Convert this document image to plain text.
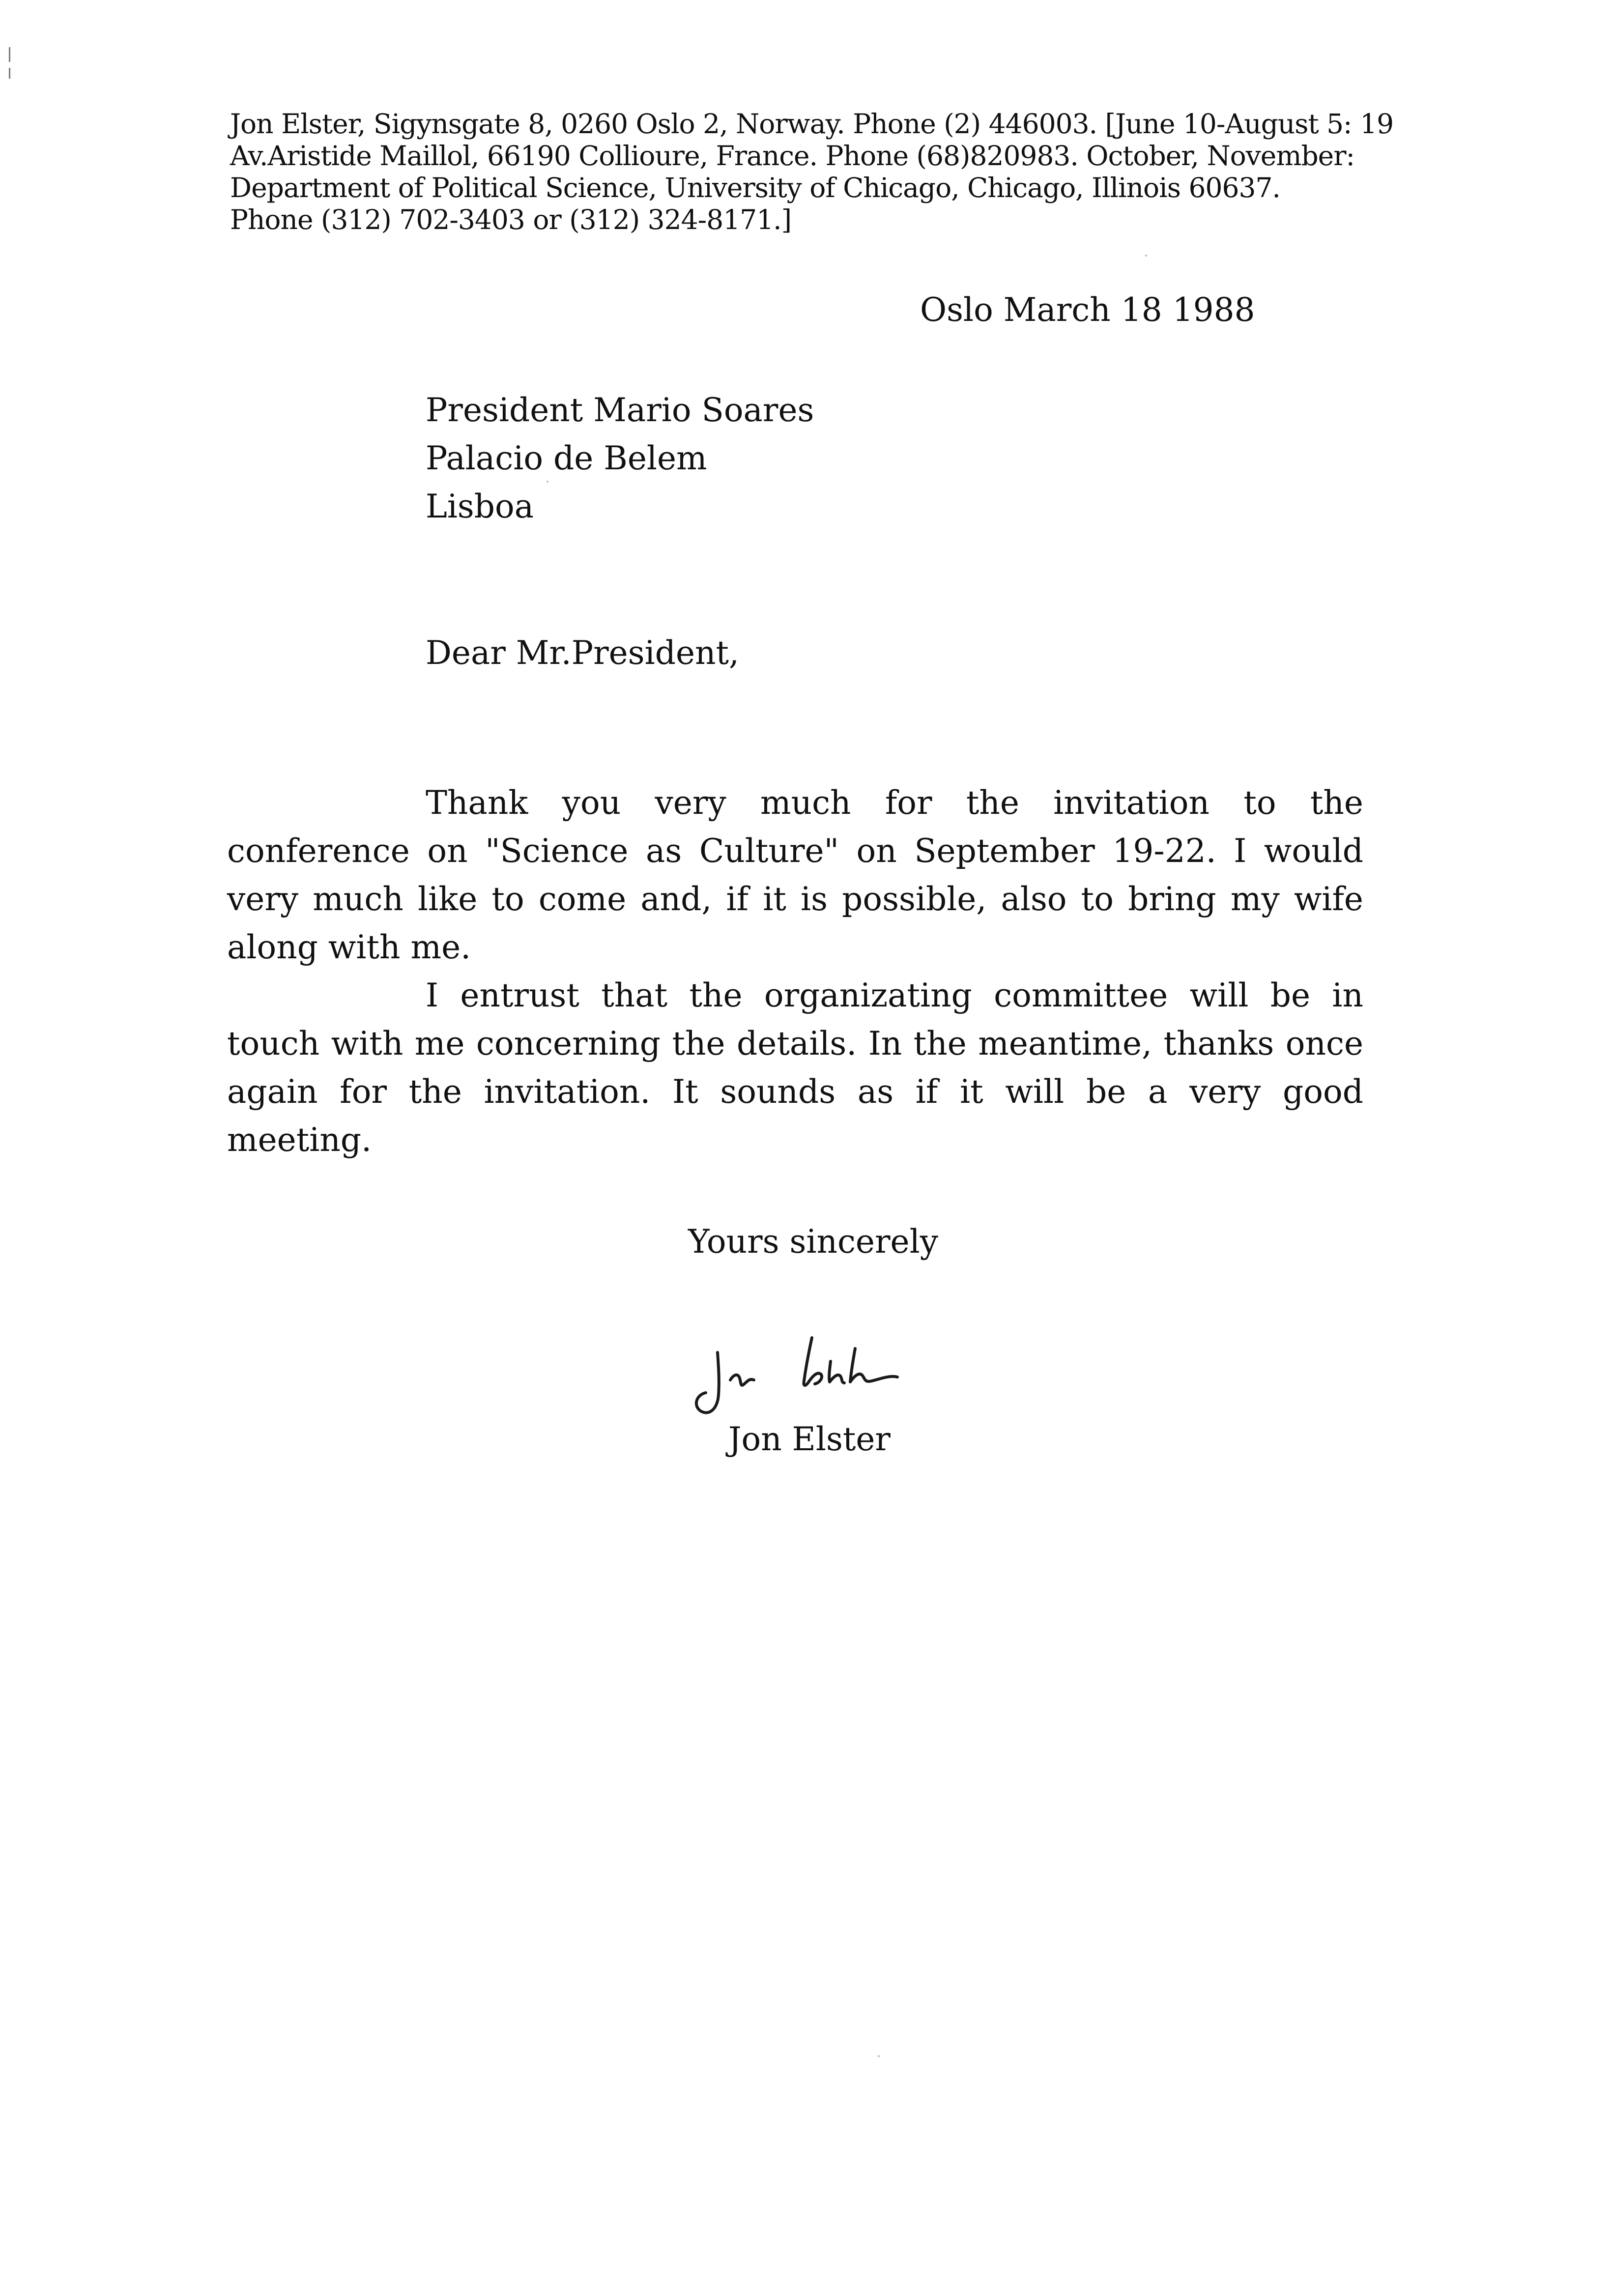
Jon Elster, Sigynsgate 8, 0260 Oslo 2, Norway. Phone (2) 446003. [June 10-August 5: 19
Av.Aristide Maillol, 66190 Collioure, France. Phone (68)820983. October, November:
Department of Political Science, University of Chicago, Chicago, Illinois 60637.
Phone (312) 702-3403 or (312) 324-8171.]
Oslo March 18 1988
President Mario Soares
Palacio de Belem
Lisboa
Dear Mr.President,

Thank you very much for the invitation to the conference on "Science as Culture" on September 19-22. I would very much like to come and, if it is possible, also to bring my wife along with me.

I entrust that the organizating committee will be in touch with me concerning the details. In the meantime, thanks once again for the invitation. It sounds as if it will be a very good meeting.

Yours sincerely
Jon Elster
